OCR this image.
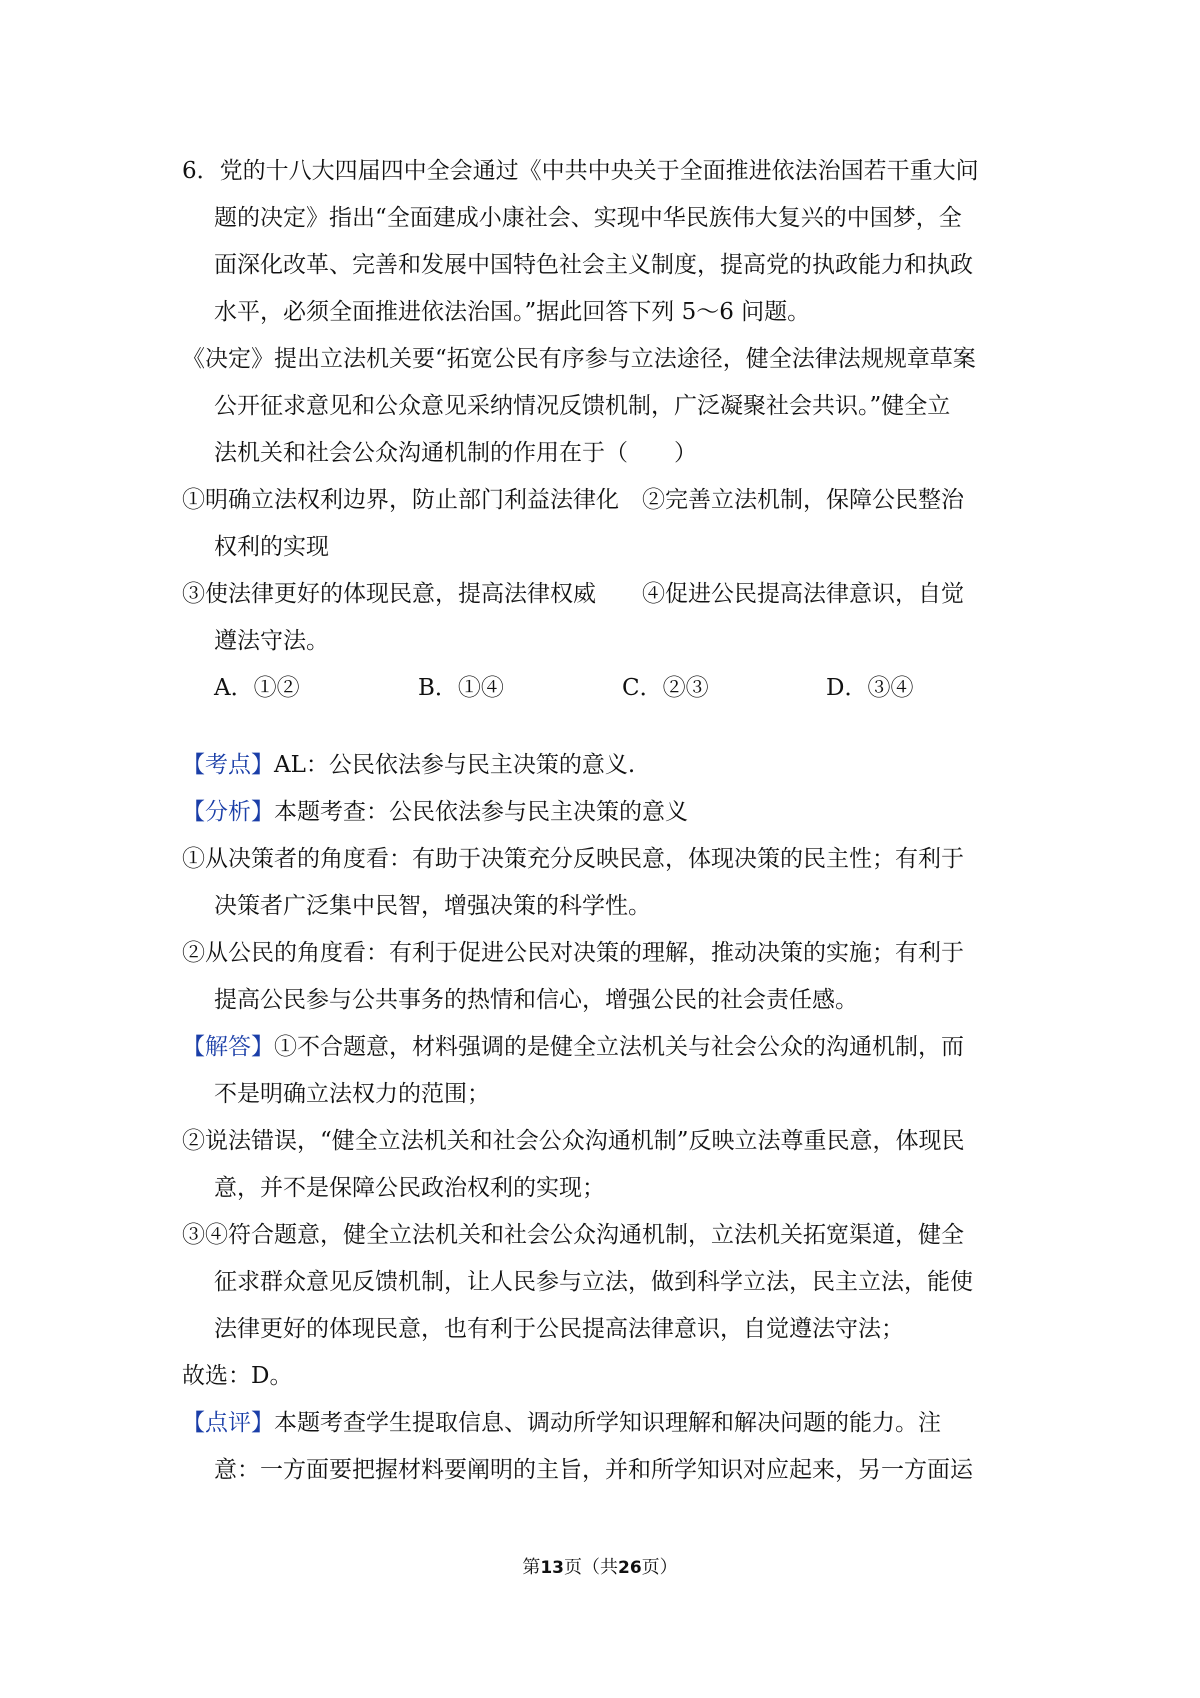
6．党的十八大四届四中全会通过《中共中央关于全面推进依法治国若干重大问
题的决定》指出“全面建成小康社会、实现中华民族伟大复兴的中国梦，全
面深化改革、完善和发展中国特色社会主义制度，提高党的执政能力和执政
水平，必须全面推进依法治国。”据此回答下列 5〜6 问题。
《决定》提出立法机关要“拓宽公民有序参与立法途径，健全法律法规规章草案
公开征求意见和公众意见采纳情况反馈机制，广泛凝聚社会共识。”健全立
法机关和社会公众沟通机制的作用在于（　　）
①明确立法权利边界，防止部门利益法律化　②完善立法机制，保障公民整治
权利的实现
③使法律更好的体现民意，提高法律权威　　④促进公民提高法律意识，自觉
遵法守法。
A．①②	B．①④	C．②③	D．③④
【考点】AL：公民依法参与民主决策的意义.
【分析】本题考查：公民依法参与民主决策的意义
①从决策者的角度看：有助于决策充分反映民意，体现决策的民主性；有利于
决策者广泛集中民智，增强决策的科学性。
②从公民的角度看：有利于促进公民对决策的理解，推动决策的实施；有利于
提高公民参与公共事务的热情和信心，增强公民的社会责任感。
【解答】①不合题意，材料强调的是健全立法机关与社会公众的沟通机制，而
不是明确立法权力的范围；
②说法错误，“健全立法机关和社会公众沟通机制”反映立法尊重民意，体现民
意，并不是保障公民政治权利的实现；
③④符合题意，健全立法机关和社会公众沟通机制，立法机关拓宽渠道，健全
征求群众意见反馈机制，让人民参与立法，做到科学立法，民主立法，能使
法律更好的体现民意，也有利于公民提高法律意识，自觉遵法守法；
故选：D。
【点评】本题考查学生提取信息、调动所学知识理解和解决问题的能力。注
意：一方面要把握材料要阐明的主旨，并和所学知识对应起来，另一方面运
第13页（共26页）
